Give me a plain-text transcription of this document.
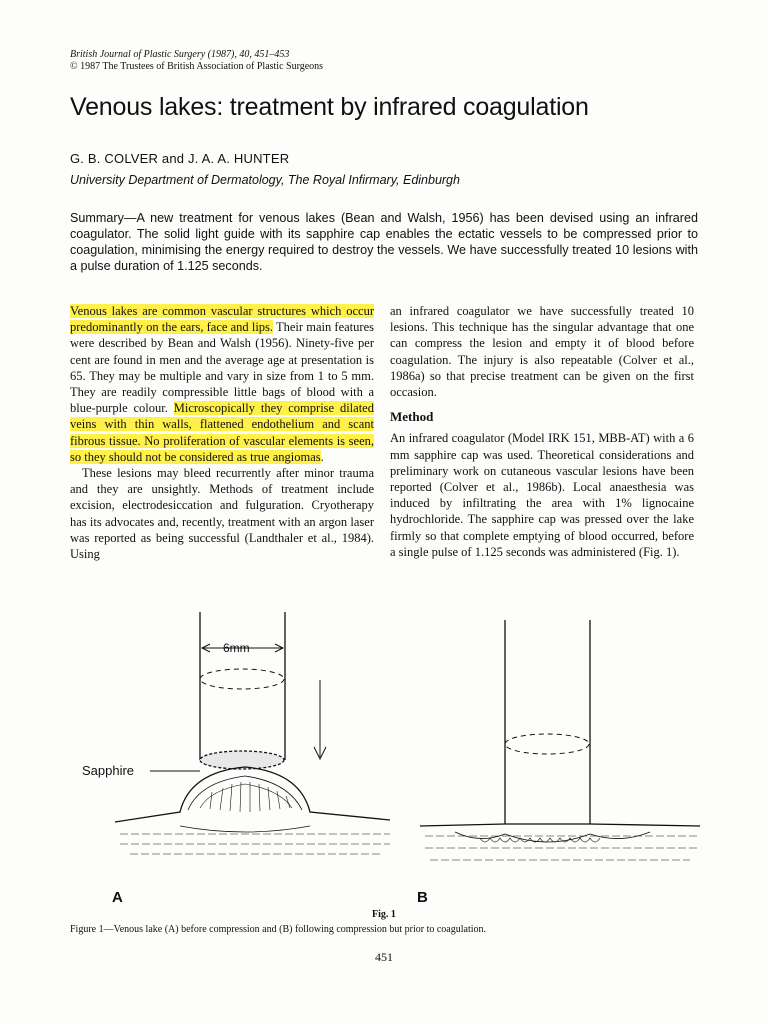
British Journal of Plastic Surgery (1987), 40, 451–453
© 1987 The Trustees of British Association of Plastic Surgeons
Venous lakes: treatment by infrared coagulation
G. B. COLVER and J. A. A. HUNTER
University Department of Dermatology, The Royal Infirmary, Edinburgh

Summary—A new treatment for venous lakes (Bean and Walsh, 1956) has been devised using an infrared coagulator. The solid light guide with its sapphire cap enables the ectatic vessels to be compressed prior to coagulation, minimising the energy required to destroy the vessels. We have successfully treated 10 lesions with a pulse duration of 1.125 seconds.

Venous lakes are common vascular structures which occur predominantly on the ears, face and lips. Their main features were described by Bean and Walsh (1956). Ninety-five per cent are found in men and the average age at presentation is 65. They may be multiple and vary in size from 1 to 5 mm. They are readily compressible little bags of blood with a blue-purple colour. Microscopically they comprise dilated veins with thin walls, flattened endothelium and scant fibrous tissue. No proliferation of vascular elements is seen, so they should not be considered as true angiomas.

These lesions may bleed recurrently after minor trauma and they are unsightly. Methods of treatment include excision, electrodesiccation and fulguration. Cryotherapy has its advocates and, recently, treatment with an argon laser was reported as being successful (Landthaler et al., 1984). Using

an infrared coagulator we have successfully treated 10 lesions. This technique has the singular advantage that one can compress the lesion and empty it of blood before coagulation. The injury is also repeatable (Colver et al., 1986a) so that precise treatment can be given on the first occasion.

Method

An infrared coagulator (Model IRK 151, MBB-AT) with a 6 mm sapphire cap was used. Theoretical considerations and preliminary work on cutaneous vascular lesions have been reported (Colver et al., 1986b). Local anaesthesia was induced by infiltrating the area with 1% lignocaine hydrochloride. The sapphire cap was pressed over the lake firmly so that complete emptying of blood occurred, before a single pulse of 1.125 seconds was administered (Fig. 1).

6mm
Sapphire
A	B
Fig. 1
Figure 1—Venous lake (A) before compression and (B) following compression but prior to coagulation.
451
